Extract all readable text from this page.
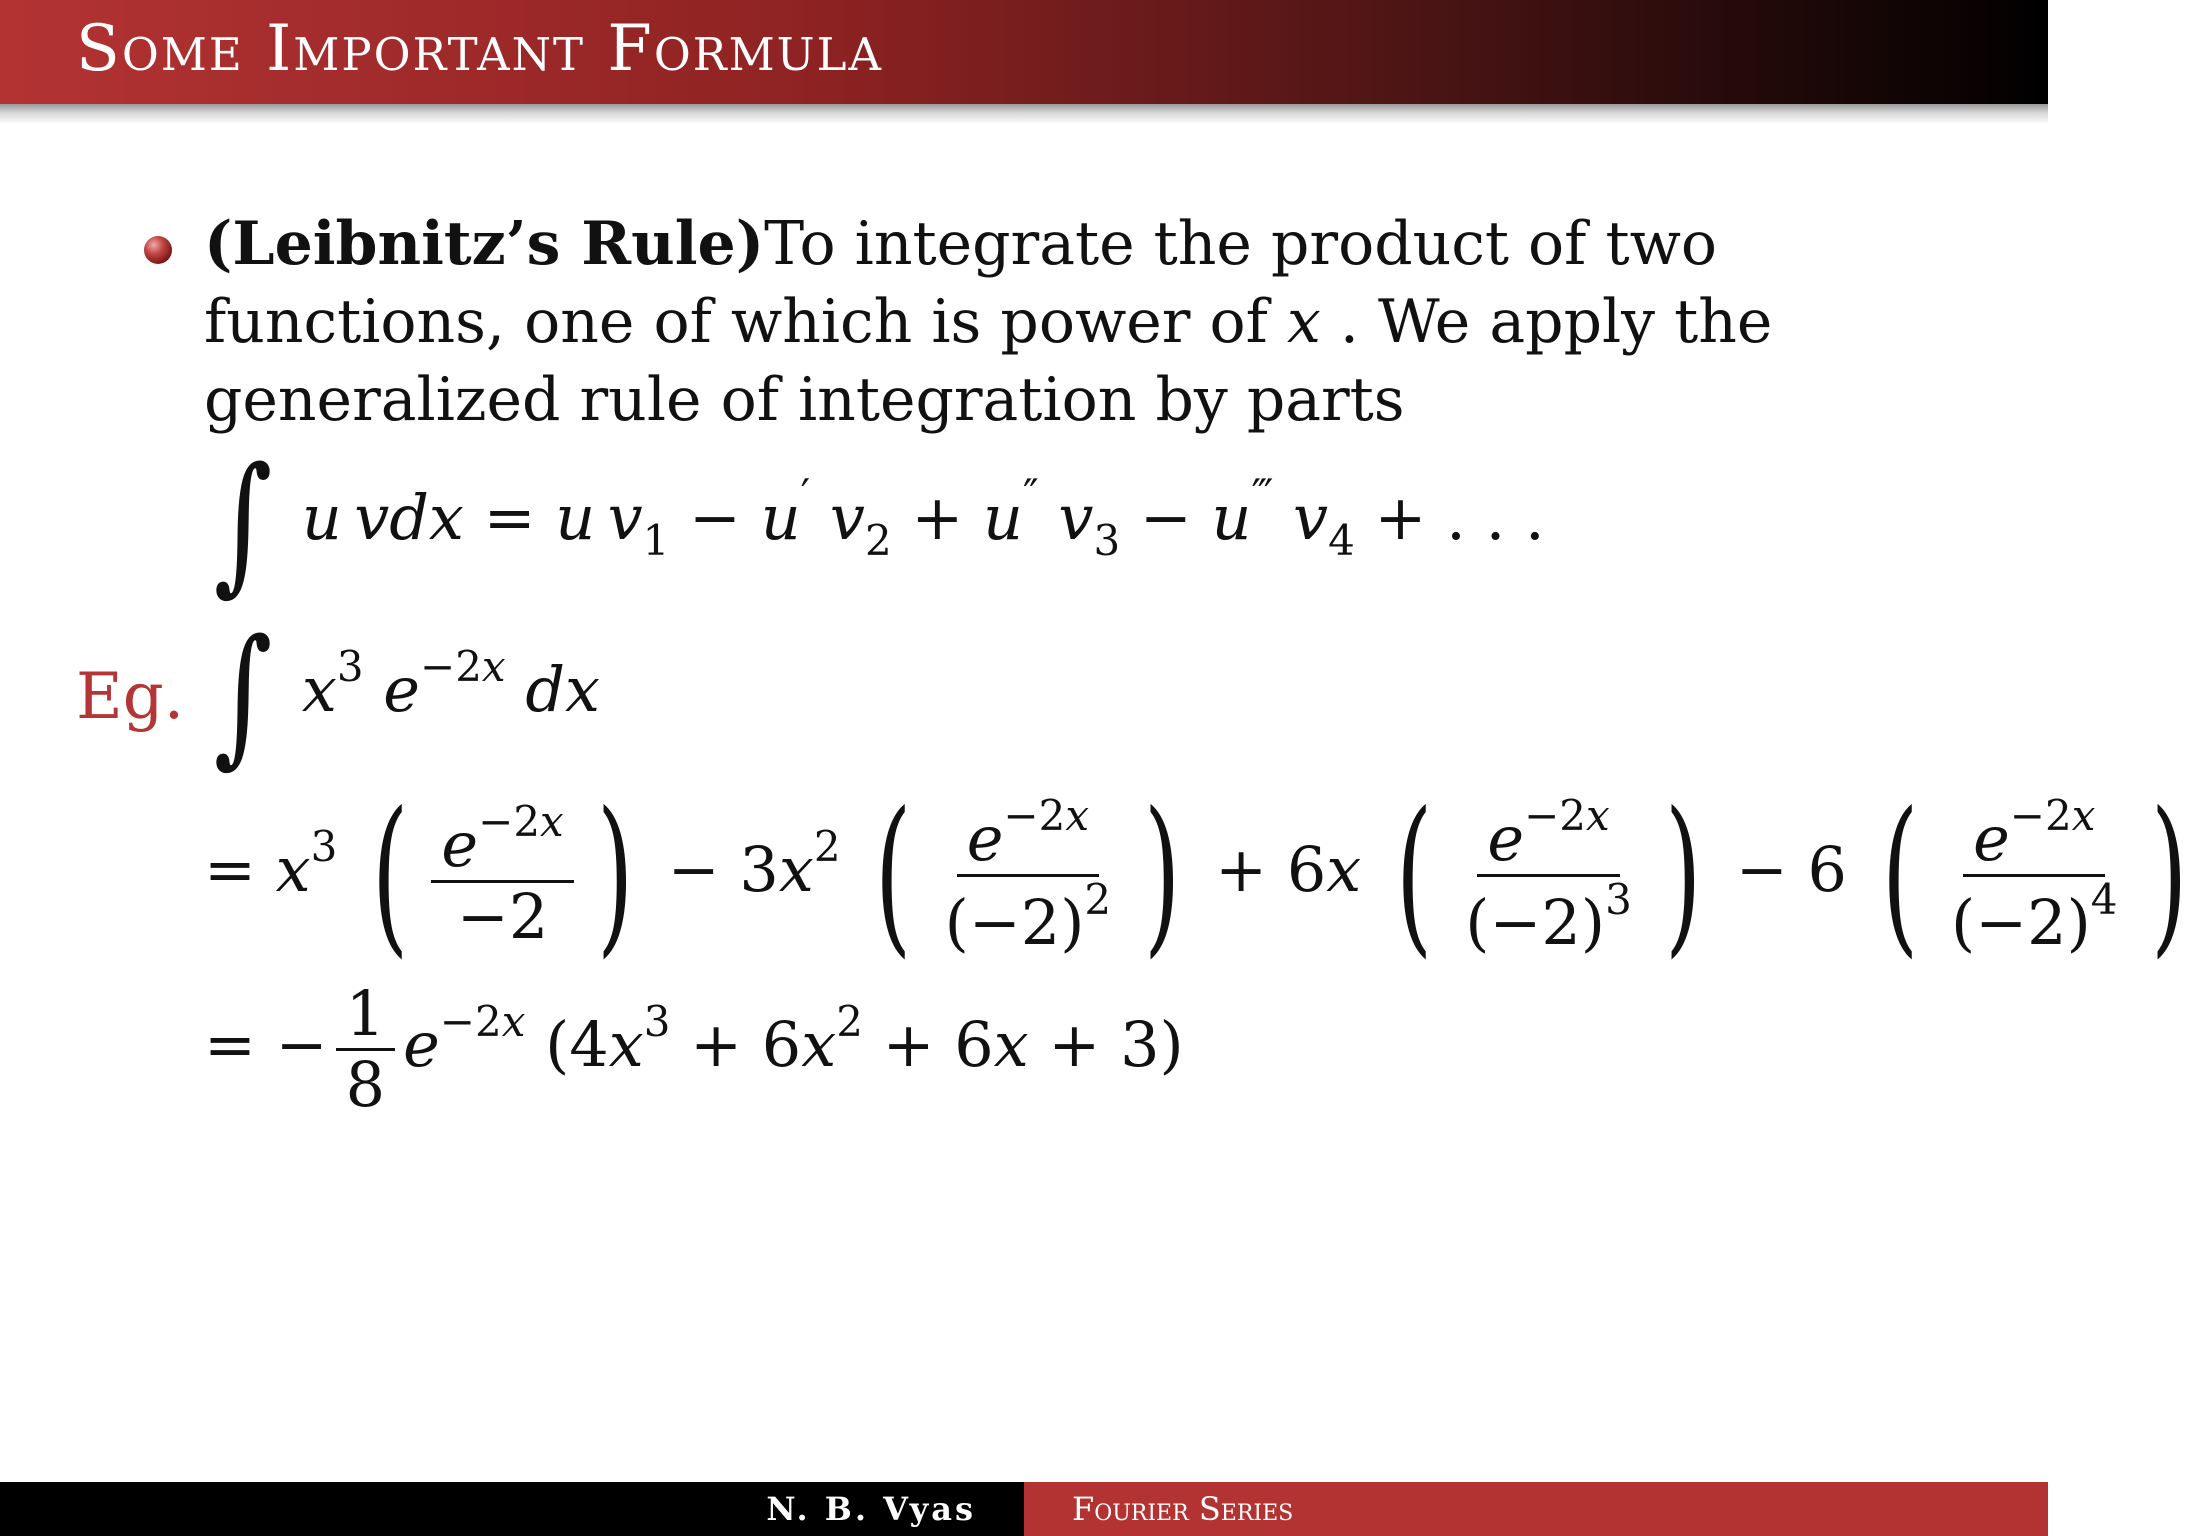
Some Important Formula
(Leibnitz’s Rule)To integrate the product of two
functions, one of which is power of x . We apply the
generalized rule of integration by parts
∫ u vdx = u $v_1 - u'$ $v_2 + u''$ $v_3 - u^‴$ $v_4$ + . . .
Eg. ∫ $x^3$ $e^{-2x}$ dx
= $x^3$ ( $\frac{e^{-2x}}{-2}$ ) − $3x^2$ ( $\frac{e^{-2x}}{(-2)^2}$ ) + 6x ( $\frac{e^{-2x}}{(-2)^3}$ ) − 6 ( $\frac{e^{-2x}}{(-2)^4}$ )
= − $\frac{1}{8} e^{-2x}$ $(4x^3 + 6x^2 + 6x + 3)$
N. B. Vyas	Fourier Series
